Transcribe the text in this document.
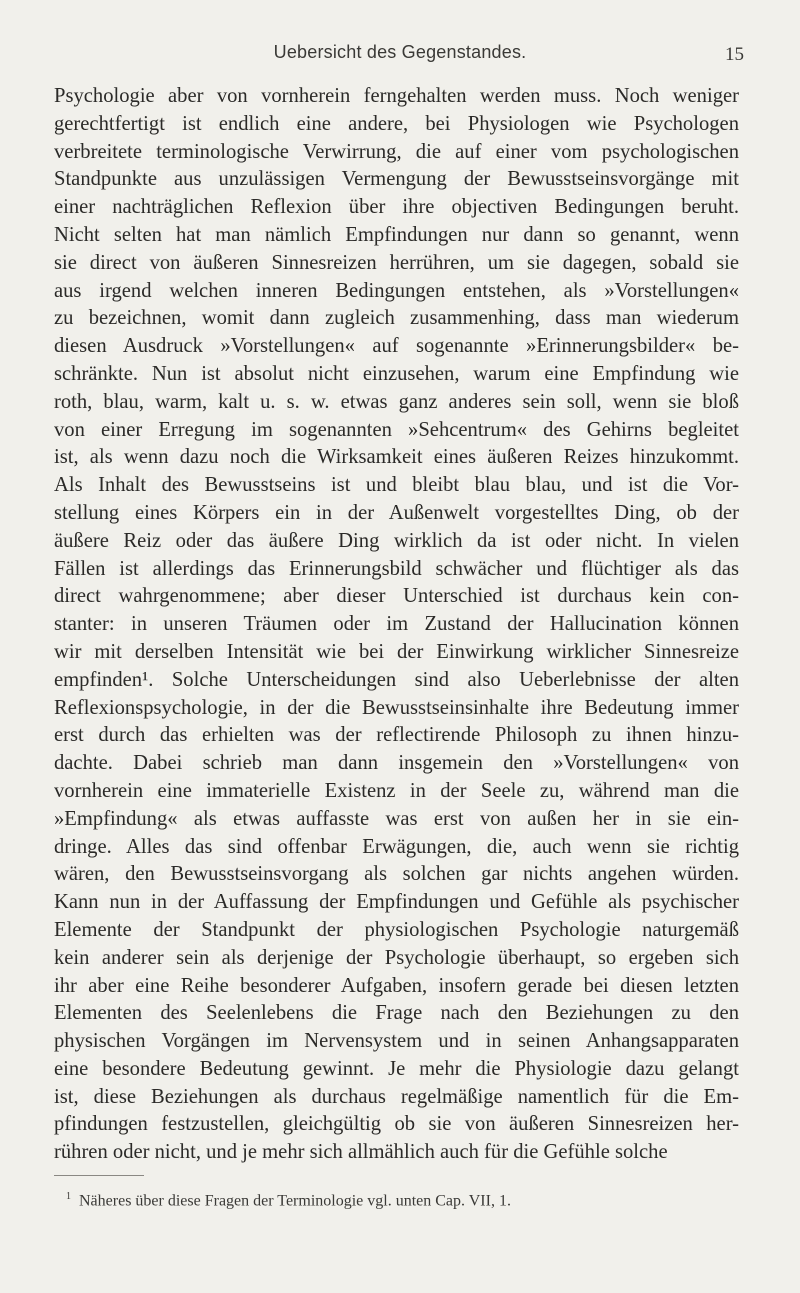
Uebersicht des Gegenstandes.	15
Psychologie aber von vornherein ferngehalten werden muss. Noch weniger
gerechtfertigt ist endlich eine andere, bei Physiologen wie Psychologen
verbreitete terminologische Verwirrung, die auf einer vom psychologischen
Standpunkte aus unzulässigen Vermengung der Bewusstseinsvorgänge mit
einer nachträglichen Reflexion über ihre objectiven Bedingungen beruht.
Nicht selten hat man nämlich Empfindungen nur dann so genannt, wenn
sie direct von äußeren Sinnesreizen herrühren, um sie dagegen, sobald sie
aus irgend welchen inneren Bedingungen entstehen, als »Vorstellungen«
zu bezeichnen, womit dann zugleich zusammenhing, dass man wiederum
diesen Ausdruck »Vorstellungen« auf sogenannte »Erinnerungsbilder« be-
schränkte. Nun ist absolut nicht einzusehen, warum eine Empfindung wie
roth, blau, warm, kalt u. s. w. etwas ganz anderes sein soll, wenn sie bloß
von einer Erregung im sogenannten »Sehcentrum« des Gehirns begleitet
ist, als wenn dazu noch die Wirksamkeit eines äußeren Reizes hinzukommt.
Als Inhalt des Bewusstseins ist und bleibt blau blau, und ist die Vor-
stellung eines Körpers ein in der Außenwelt vorgestelltes Ding, ob der
äußere Reiz oder das äußere Ding wirklich da ist oder nicht. In vielen
Fällen ist allerdings das Erinnerungsbild schwächer und flüchtiger als das
direct wahrgenommene; aber dieser Unterschied ist durchaus kein con-
stanter: in unseren Träumen oder im Zustand der Hallucination können
wir mit derselben Intensität wie bei der Einwirkung wirklicher Sinnesreize
empfinden¹. Solche Unterscheidungen sind also Ueberlebnisse der alten
Reflexionspsychologie, in der die Bewusstseinsinhalte ihre Bedeutung immer
erst durch das erhielten was der reflectirende Philosoph zu ihnen hinzu-
dachte. Dabei schrieb man dann insgemein den »Vorstellungen« von
vornherein eine immaterielle Existenz in der Seele zu, während man die
»Empfindung« als etwas auffasste was erst von außen her in sie ein-
dringe. Alles das sind offenbar Erwägungen, die, auch wenn sie richtig
wären, den Bewusstseinsvorgang als solchen gar nichts angehen würden.
Kann nun in der Auffassung der Empfindungen und Gefühle als psychischer
Elemente der Standpunkt der physiologischen Psychologie naturgemäß
kein anderer sein als derjenige der Psychologie überhaupt, so ergeben sich
ihr aber eine Reihe besonderer Aufgaben, insofern gerade bei diesen letzten
Elementen des Seelenlebens die Frage nach den Beziehungen zu den
physischen Vorgängen im Nervensystem und in seinen Anhangsapparaten
eine besondere Bedeutung gewinnt. Je mehr die Physiologie dazu gelangt
ist, diese Beziehungen als durchaus regelmäßige namentlich für die Em-
pfindungen festzustellen, gleichgültig ob sie von äußeren Sinnesreizen her-
rühren oder nicht, und je mehr sich allmählich auch für die Gefühle solche
$^1$ Näheres über diese Fragen der Terminologie vgl. unten Cap. VII, 1.
